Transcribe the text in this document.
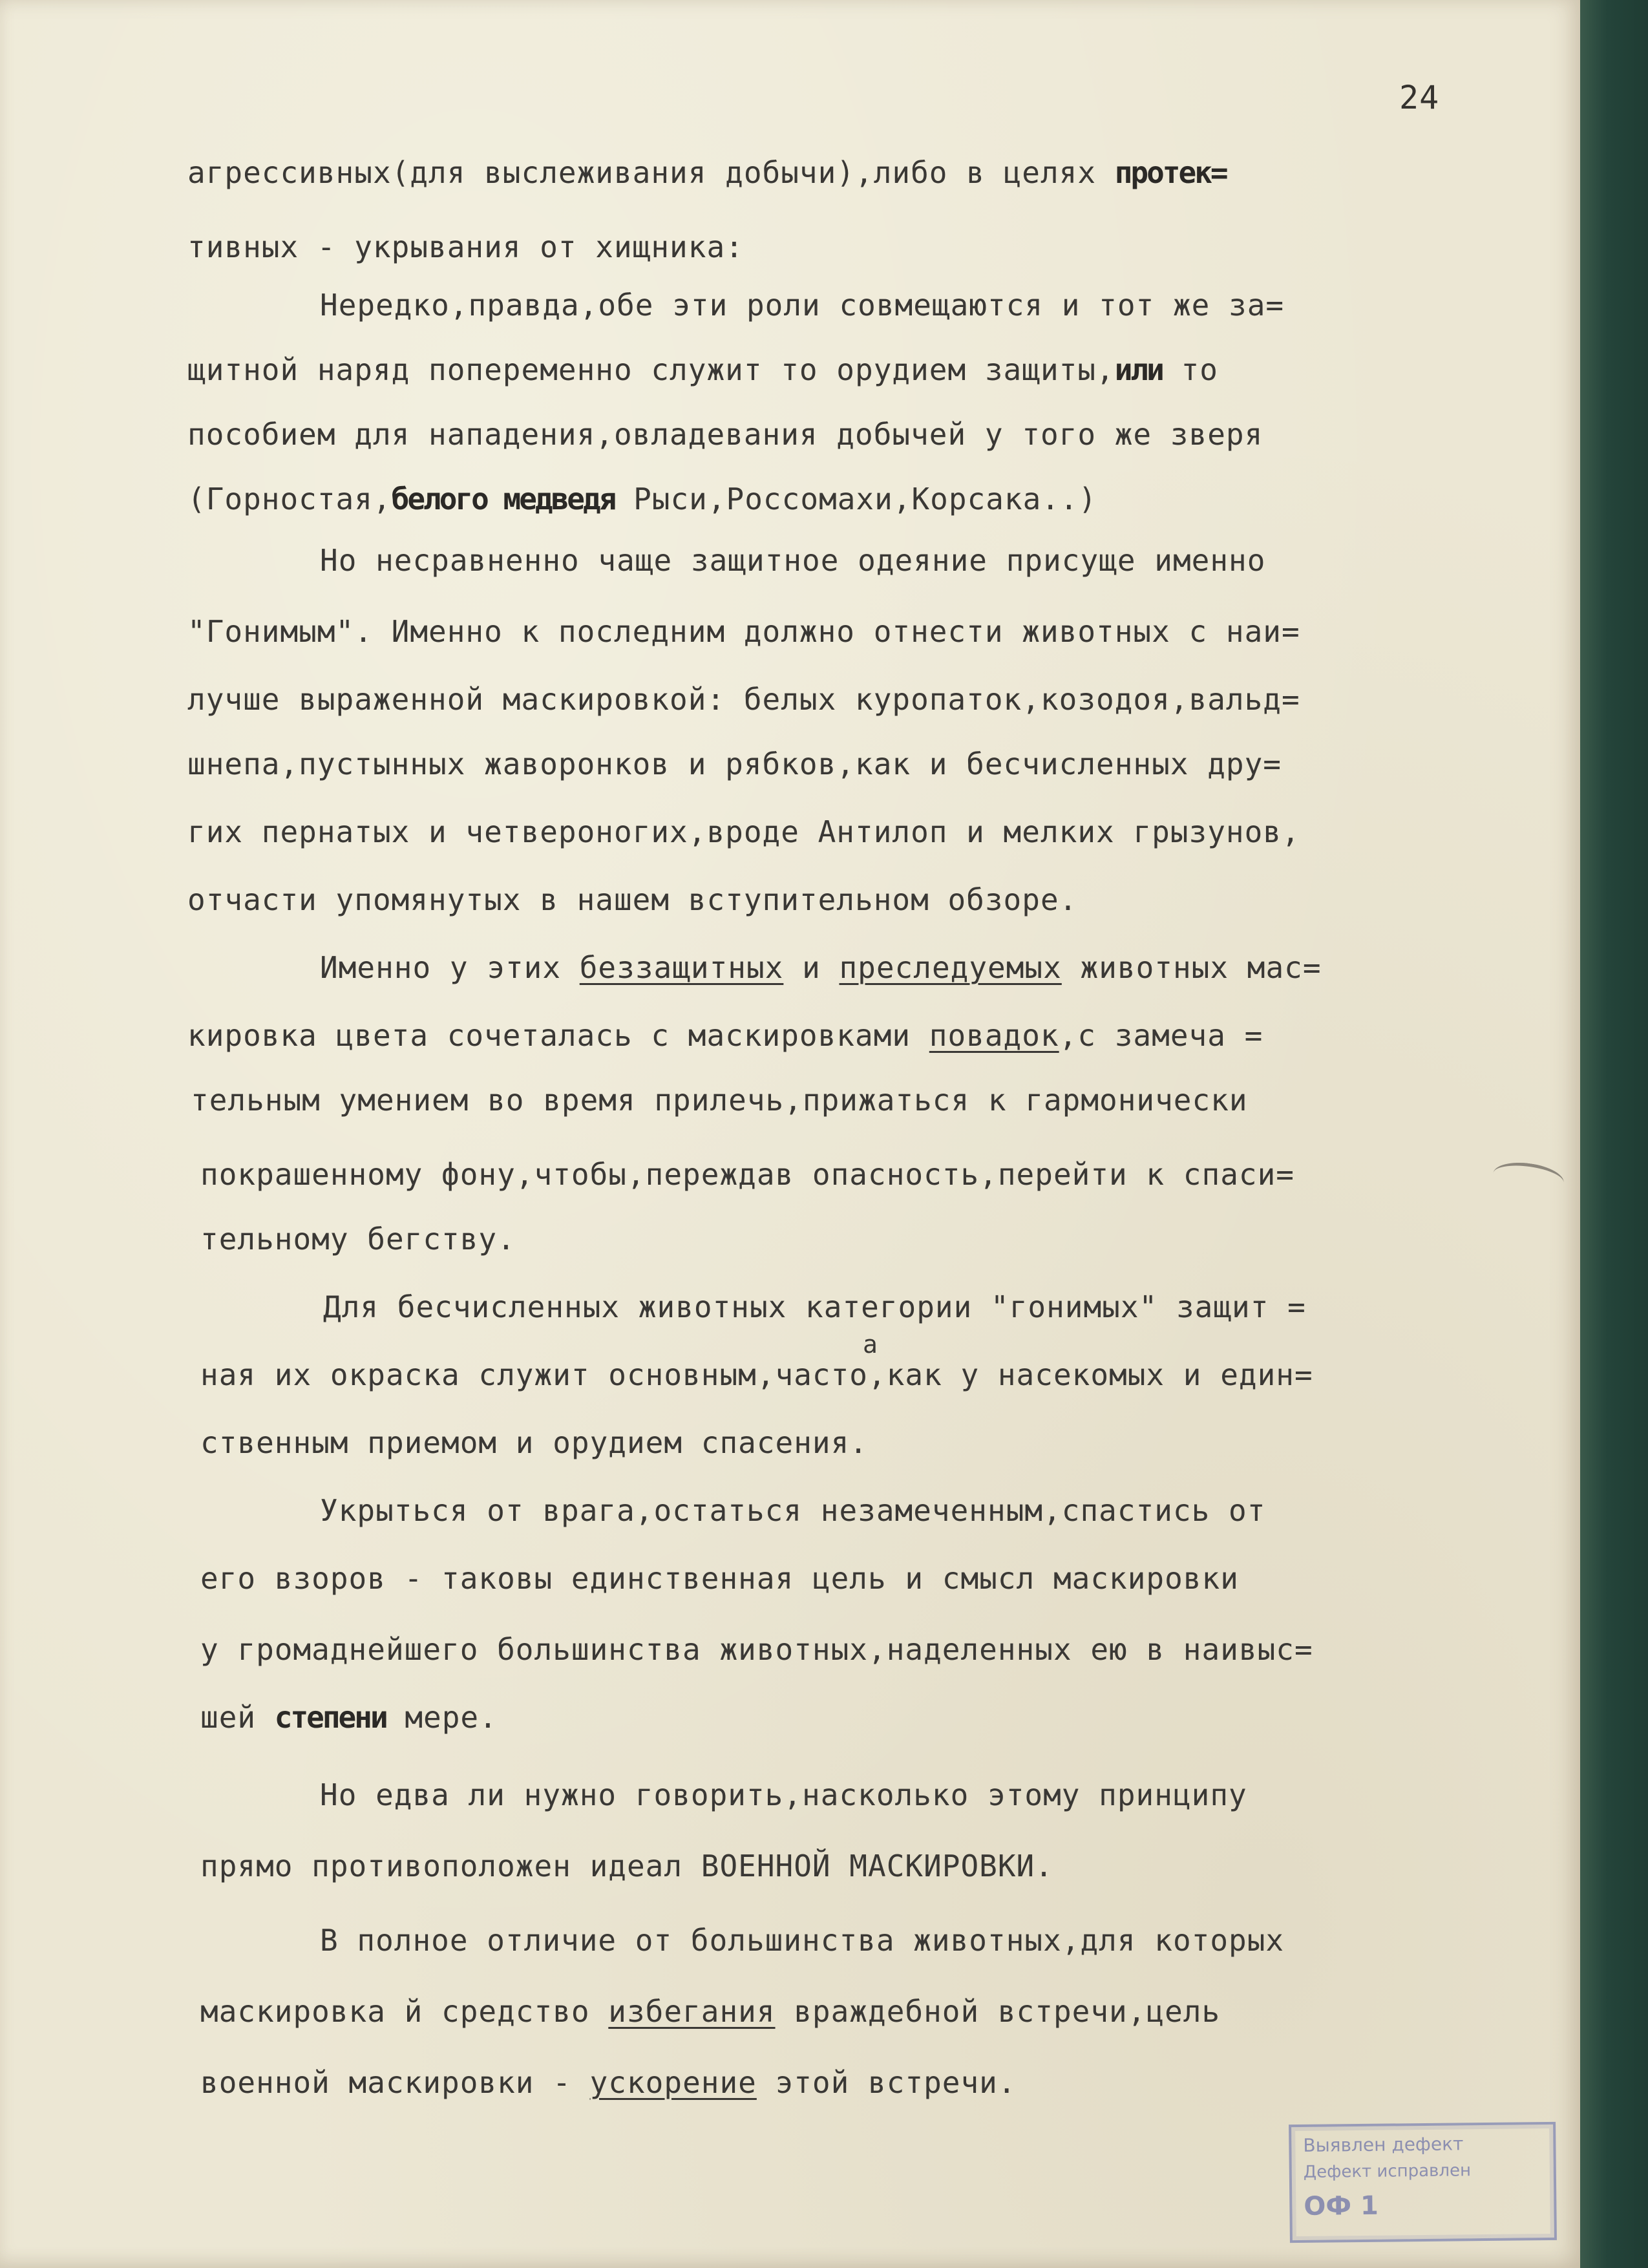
24
агрессивных(для выслеживания добычи),либо в целях протек=
тивных - укрывания от хищника:
Нередко,правда,обе эти роли совмещаются и тот же за=
щитной наряд попеременно служит то орудием защиты,или то
пособием для нападения,овладевания добычей у того же зверя
(Горностая,белого медведя Рыси,Россомахи,Корсака..)
Но несравненно чаще защитное одеяние присуще именно
"Гонимым". Именно к последним должно отнести животных с наи=
лучше выраженной маскировкой: белых куропаток,козодоя,вальд=
шнепа,пустынных жаворонков и рябков,как и бесчисленных дру=
гих пернатых и четвероногих,вроде Антилоп и мелких грызунов,
отчасти упомянутых в нашем вступительном обзоре.
Именно у этих беззащитных и преследуемых животных мас=
кировка цвета сочеталась с маскировками повадок,с замеча =
тельным умением во время прилечь,прижаться к гармонически
покрашенному фону,чтобы,переждав опасность,перейти к спаси=
тельному бегству.
Для бесчисленных животных категории "гонимых" защит =
ная их окраска служит основным,часто,как у насекомых и един=
ственным приемом и орудием спасения.
Укрыться от врага,остаться незамеченным,спастись от
его взоров - таковы единственная цель и смысл маскировки
у громаднейшего большинства животных,наделенных ею в наивыс=
шей степени мере.
Но едва ли нужно говорить,насколько этому принципу
прямо противоположен идеал ВОЕННОЙ МАСКИРОВКИ.
В полное отличие от большинства животных,для которых
маскировка й средство избегания враждебной встречи,цель
военной маскировки - ускорение этой встречи.
а
Выявлен дефект
Дефект исправлен
ОФ 1
